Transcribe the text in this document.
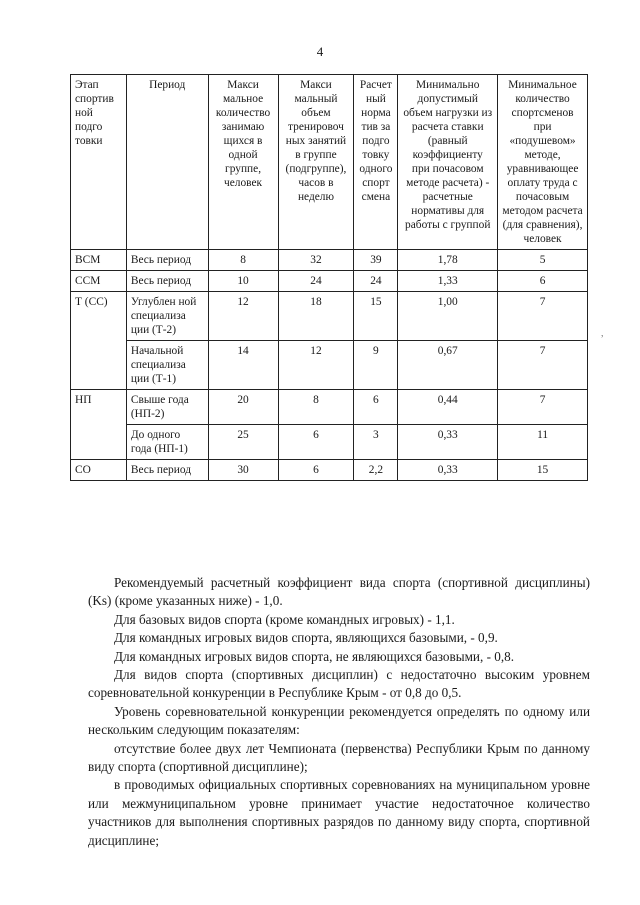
4
Этап спортив ной подго товки	Период	Макси мальное количество занимаю щихся в одной группе, человек	Макси мальный объем тренировоч ных занятий в группе (подгруппе), часов в неделю	Расчет ный норма тив за подго товку одного спорт смена	Минимально допустимый объем нагрузки из расчета ставки (равный коэффициенту при почасовом методе расчета) - расчетные нормативы для работы с группой	Минимальное количество спортсменов при «подушевом» методе, уравнивающее оплату труда с почасовым методом расчета (для сравнения), человек
ВСМ	Весь период	8	32	39	1,78	5
ССМ	Весь период	10	24	24	1,33	6
Т (СС)	Углублен ной специализа ции (Т-2)	12	18	15	1,00	7
	Начальной специализа ции (Т-1)	14	12	9	0,67	7
НП	Свыше года (НП-2)	20	8	6	0,44	7
	До одного года (НП-1)	25	6	3	0,33	11
СО	Весь период	30	6	2,2	0,33	15
,

Рекомендуемый расчетный коэффициент вида спорта (спортивной дисциплины) (Ks) (кроме указанных ниже) - 1,0.

Для базовых видов спорта (кроме командных игровых) - 1,1.

Для командных игровых видов спорта, являющихся базовыми, - 0,9.

Для командных игровых видов спорта, не являющихся базовыми, - 0,8.

Для видов спорта (спортивных дисциплин) с недостаточно высоким уровнем соревновательной конкуренции в Республике Крым - от 0,8 до 0,5.

Уровень соревновательной конкуренции рекомендуется определять по одному или нескольким следующим показателям:

отсутствие более двух лет Чемпионата (первенства) Республики Крым по данному виду спорта (спортивной дисциплине);

в проводимых официальных спортивных соревнованиях на муниципальном уровне или межмуниципальном уровне принимает участие недостаточное количество участников для выполнения спортивных разрядов по данному виду спорта, спортивной дисциплине;
